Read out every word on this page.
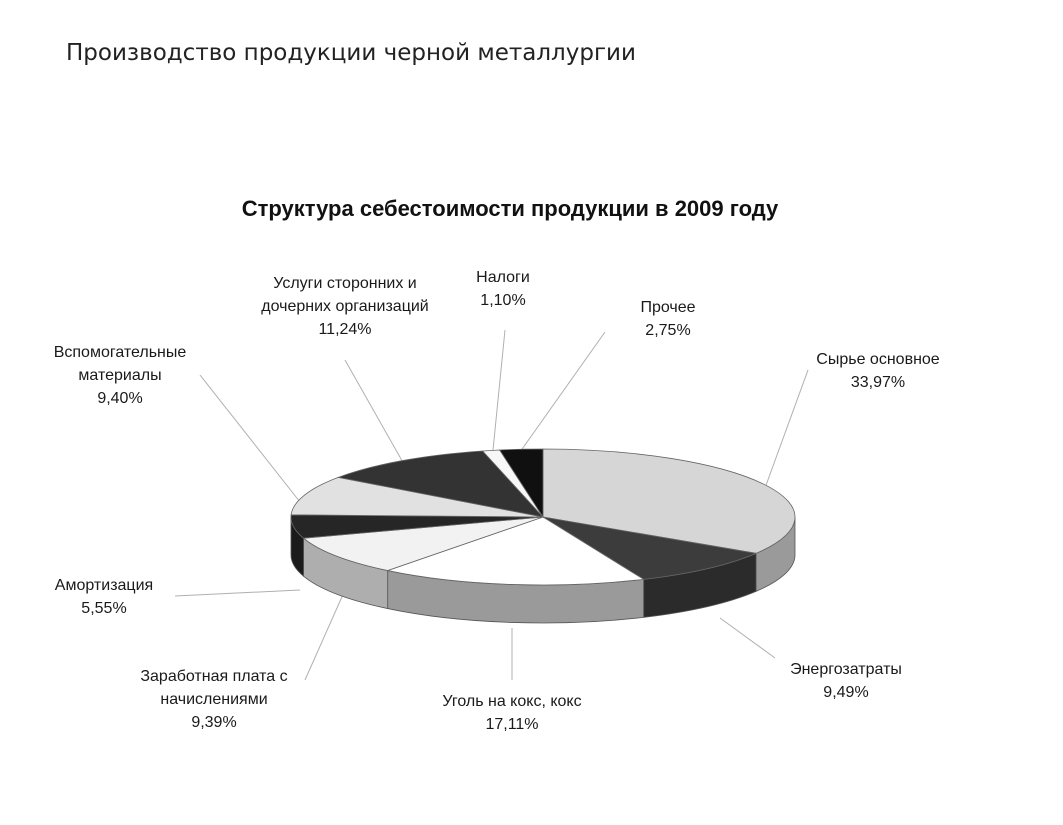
Производство продукции черной металлургии
Структура себестоимости продукции в 2009 году
Сырье основное
33,97%
Энергозатраты
9,49%
Уголь на кокс, кокс
17,11%
Заработная плата с
начислениями
9,39%
Амортизация
5,55%
Вспомогательные
материалы
9,40%
Услуги сторонних и
дочерних организаций
11,24%
Налоги
1,10%	Прочее
2,75%
